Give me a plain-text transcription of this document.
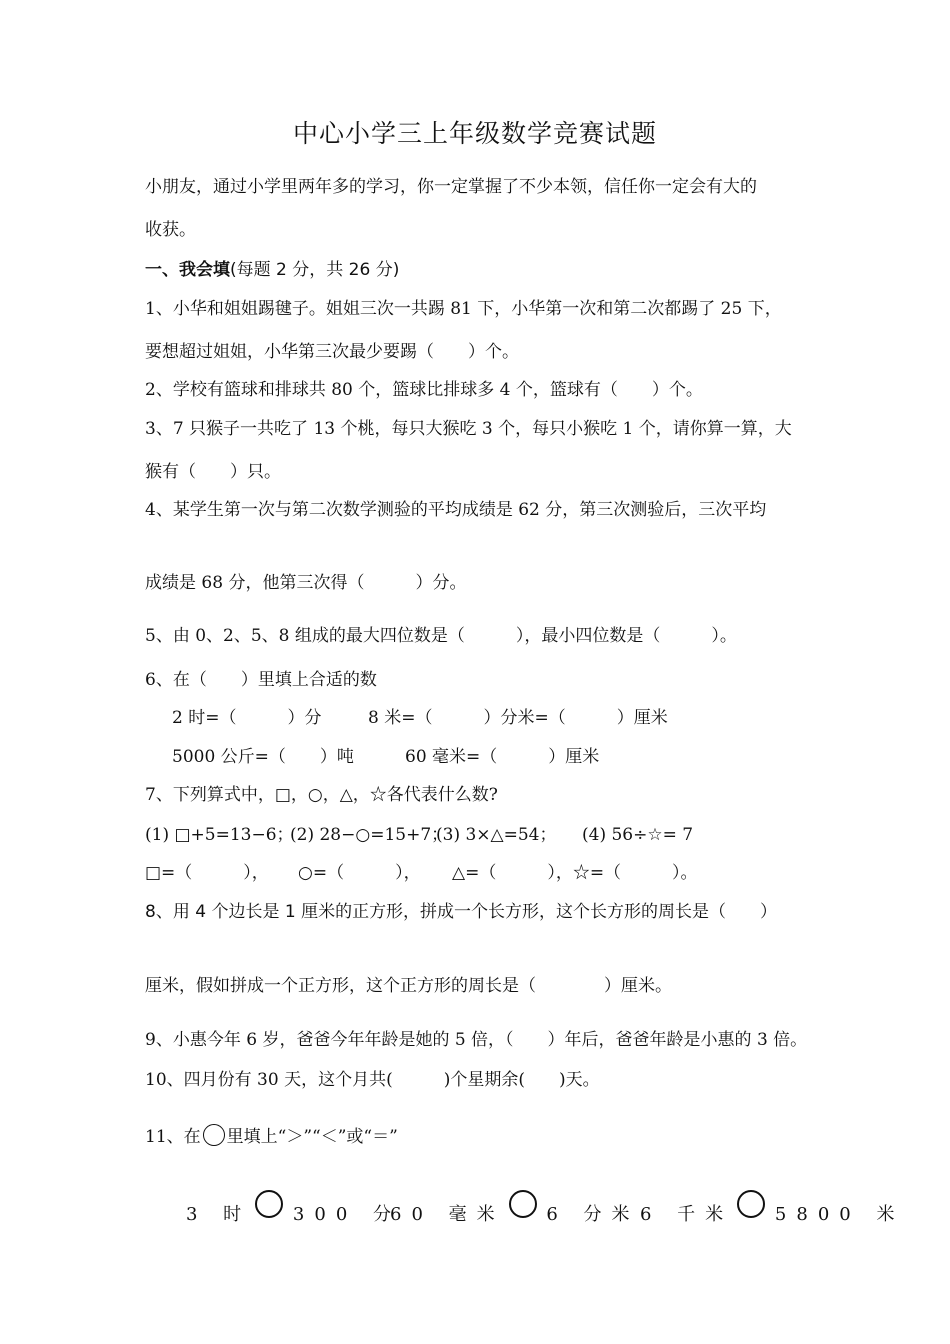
中心小学三上年级数学竞赛试题
小朋友，通过小学里两年多的学习，你一定掌握了不少本领，信任你一定会有大的
收获。
一、我会填(每题 2 分，共 26 分)
1、小华和姐姐踢毽子。姐姐三次一共踢 81 下，小华第一次和第二次都踢了 25 下，
要想超过姐姐，小华第三次最少要踢（　　）个。
2、学校有篮球和排球共 80 个，篮球比排球多 4 个，篮球有（　　）个。
3、7 只猴子一共吃了 13 个桃，每只大猴吃 3 个，每只小猴吃 1 个，请你算一算，大
猴有（　　）只。
4、某学生第一次与第二次数学测验的平均成绩是 62 分，第三次测验后，三次平均
成绩是 68 分，他第三次得（　　　）分。
5、由 0、2、5、8 组成的最大四位数是（　　　），最小四位数是（　　　）。
6、在（　　）里填上合适的数
2 时=（　　　）分	8 米=（　　　）分米=（　　　）厘米
5000 公斤=（　　）吨	60 毫米=（　　　）厘米
7、下列算式中，□，○，△，☆各代表什么数?
(1) □+5=13−6；
(2) 28−○=15+7；
(3) 3×△=54； (4) 56÷☆= 7
□=（　　　）， ○=（　　　）， △=（　　　），☆=（　　　）。
8、用 4 个边长是 1 厘米的正方形，拼成一个长方形，这个长方形的周长是（　　）
厘米，假如拼成一个正方形，这个正方形的周长是（　　　　）厘米。
9、小惠今年 6 岁，爸爸今年年龄是她的 5 倍，（　　）年后，爸爸年龄是小惠的 3 倍。
10、四月份有 30 天，这个月共(　　　)个星期余(　　)天。
11、在 里填上“＞”“＜”或“＝”
3 时 300 分
60 毫米 6 分米 6 千米 5800 米
